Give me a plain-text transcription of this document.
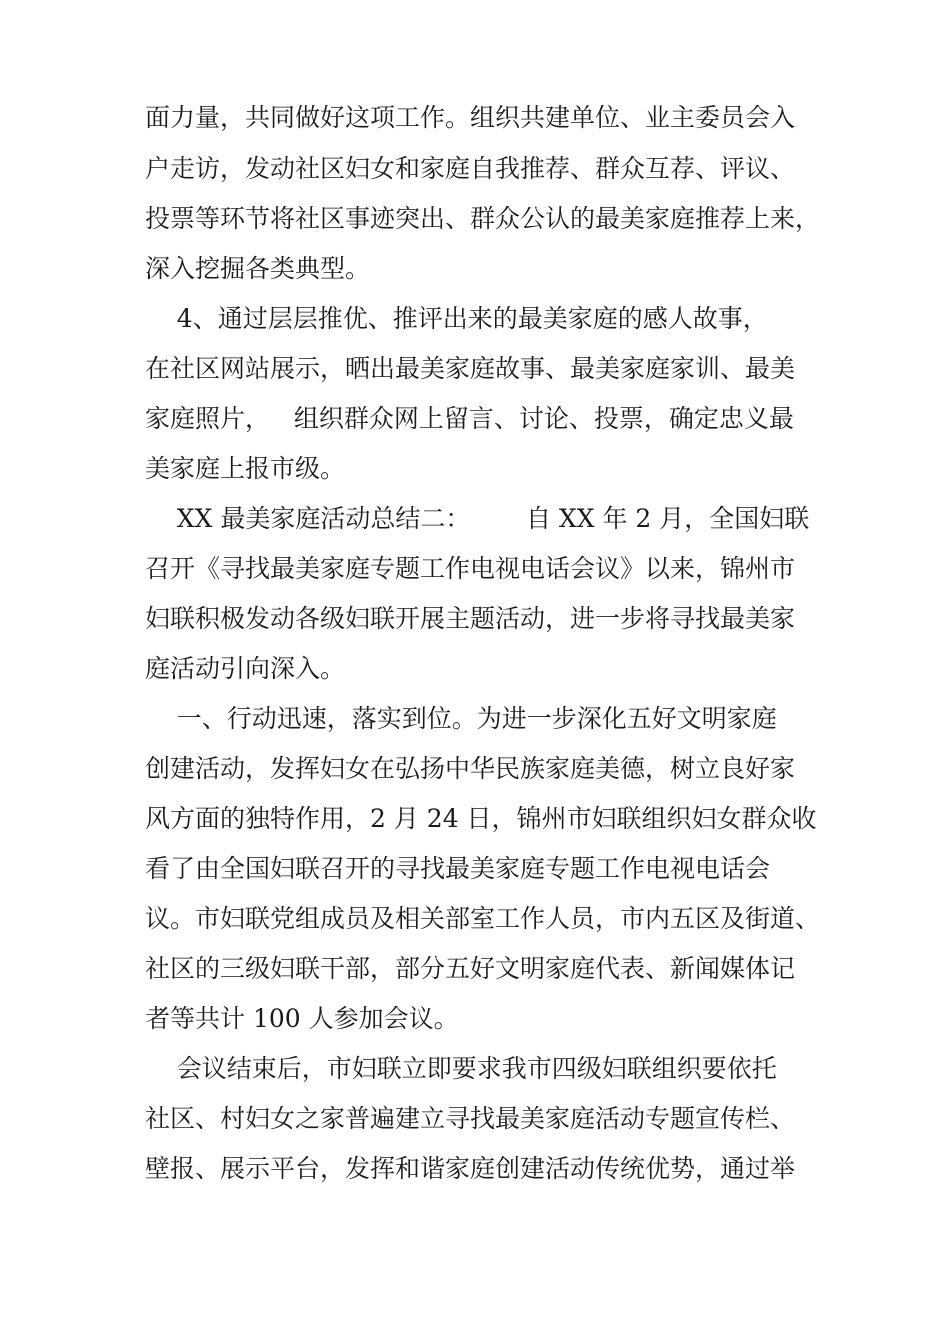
面力量，共同做好这项工作。组织共建单位、业主委员会入
户走访，发动社区妇女和家庭自我推荐、群众互荐、评议、
投票等环节将社区事迹突出、群众公认的最美家庭推荐上来，
深入挖掘各类典型。
4、通过层层推优、推评出来的最美家庭的感人故事，
在社区网站展示，晒出最美家庭故事、最美家庭家训、最美
家庭照片，   组织群众网上留言、讨论、投票，确定忠义最
美家庭上报市级。
XX 最美家庭活动总结二：       自 XX 年 2 月，全国妇联
召开《寻找最美家庭专题工作电视电话会议》以来，锦州市
妇联积极发动各级妇联开展主题活动，进一步将寻找最美家
庭活动引向深入。
一、行动迅速，落实到位。为进一步深化五好文明家庭
创建活动，发挥妇女在弘扬中华民族家庭美德，树立良好家
风方面的独特作用，2 月 24 日，锦州市妇联组织妇女群众收
看了由全国妇联召开的寻找最美家庭专题工作电视电话会
议。市妇联党组成员及相关部室工作人员，市内五区及街道、
社区的三级妇联干部，部分五好文明家庭代表、新闻媒体记
者等共计 100 人参加会议。
会议结束后，市妇联立即要求我市四级妇联组织要依托
社区、村妇女之家普遍建立寻找最美家庭活动专题宣传栏、
壁报、展示平台，发挥和谐家庭创建活动传统优势，通过举
